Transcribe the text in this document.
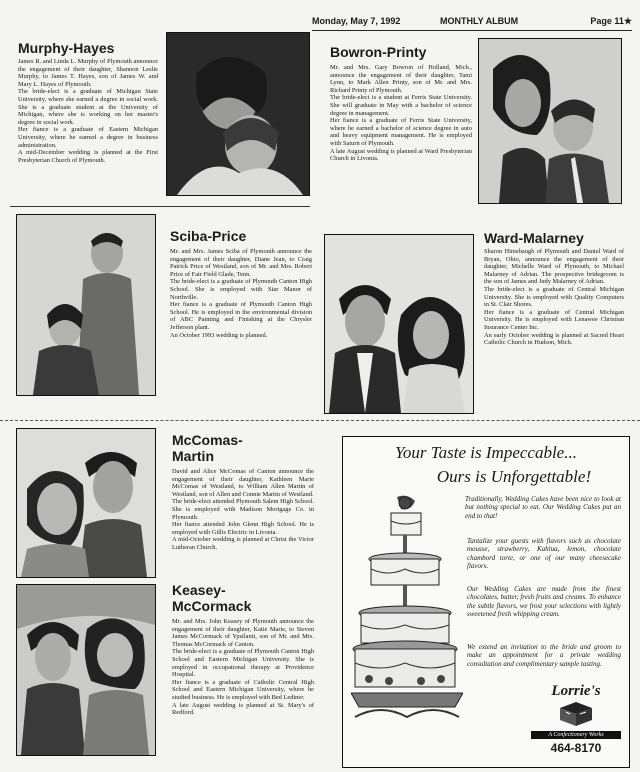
Monday, May 7, 1992	MONTHLY ALBUM	Page 11★
Murphy-Hayes
James R. and Linda L. Murphy of Plymouth announce the engagement of their daughter, Shannon Leslie Murphy, to James T. Hayes, son of James W. and Mary L. Hayes of Plymouth.
The bride-elect is a graduate of Michigan State University, where she earned a degree in social work. She is a graduate student at the University of Michigan, where she is working on her master's degree in social work.
Her fiance is a graduate of Eastern Michigan University, where he earned a degree in business administration.
A mid-December wedding is planned at the First Presbyterian Church of Plymouth.
Bowron-Printy
Mr. and Mrs. Gary Bowron of Holland, Mich., announce the engagement of their daughter, Tami Lynn, to Mark Allen Printy, son of Mr. and Mrs. Richard Printy of Plymouth.
The bride-elect is a student at Ferris State University. She will graduate in May with a bachelor of science degree in management.
Her fiance is a graduate of Ferris State University, where he earned a bachelor of science degree in auto and heavy equipment management. He is employed with Saturn of Plymouth.
A late August wedding is planned at Ward Presbyterian Church in Livonia.
Sciba-Price
Mr. and Mrs. James Sciba of Plymouth announce the engagement of their daughter, Diane Jean, to Craig Patrick Price of Westland, son of Mr. and Mrs. Robert Price of Fair Field Glade, Tenn.
The bride-elect is a graduate of Plymouth Canton High School. She is employed with Star Manor of Northville.
Her fiance is a graduate of Plymouth Canton High School. He is employed in the environmental division of ABC Painting and Finishing at the Chrysler Jefferson plant.
An October 1993 wedding is planned.
Ward-Malarney
Sharon Himebaugh of Plymouth and Daniel Ward of Bryan, Ohio, announce the engagement of their daughter, Michelle Ward of Plymouth, to Michael Malarney of Adrian. The prospective bridegroom is the son of James and Judy Malarney of Adrian.
The bride-elect is a graduate of Central Michigan University. She is employed with Quality Computers in St. Clair Shores.
Her fiance is a graduate of Central Michigan University. He is employed with Lenawee Christian Insurance Center Inc.
An early October wedding is planned at Sacred Heart Catholic Church in Hudson, Mich.
McComas-
Martin
David and Alice McComas of Canton announce the engagement of their daughter, Kathleen Marie McComas of Westland, to William Allen Martin of Westland, son of Allen and Connie Martin of Westland.
The bride-elect attended Plymouth Salem High School. She is employed with Madison Mortgage Co. in Plymouth.
Her fiance attended John Glenn High School. He is employed with Gillis Electric in Livonia.
A mid-October wedding is planned at Christ the Victor Lutheran Church.
Keasey-
McCormack
Mr. and Mrs. John Keasey of Plymouth announce the engagement of their daughter, Katie Marie, to Steven James McCormack of Ypsilanti, son of Mr. and Mrs. Thomas McCormack of Canton.
The bride-elect is a graduate of Plymouth Canton High School and Eastern Michigan University. She is employed in occupational therapy at Providence Hospital.
Her fiance is a graduate of Catholic Central High School and Eastern Michigan University, where he studied business. He is employed with Bed Lediner.
A late August wedding is planned at St. Mary's of Redford.
Your Taste is Impeccable...
Ours is Unforgettable!
Traditionally, Wedding Cakes have been nice to look at but nothing special to eat. Our Wedding Cakes put an end to that!
Tantalize your guests with flavors such as chocolate mousse, strawberry, Kahlua, lemon, chocolate chambord torte, or one of our many cheesecake flavors.
Our Wedding Cakes are made from the finest chocolates, butter, fresh fruits and creams. To enhance the subtle flavors, we frost your selections with lightly sweetened fresh whipping cream.
We extend an invitation to the bride and groom to make an appointment for a private wedding consultation and complimentary sample tasting.
Lorrie's
A Confectionery Works
464-8170
